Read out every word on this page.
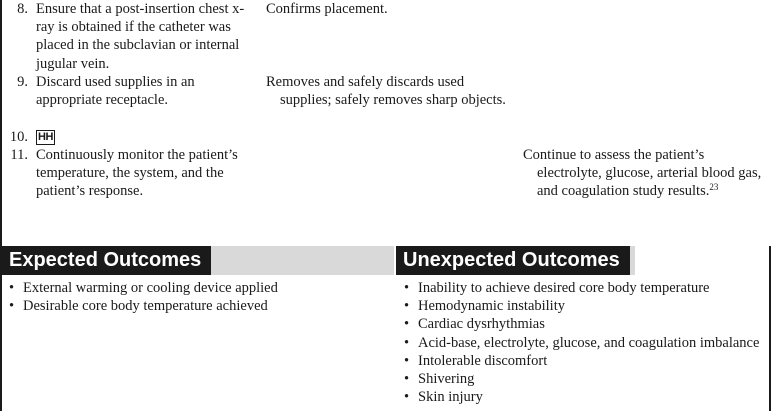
8. Ensure that a post-insertion chest x-ray is obtained if the catheter was placed in the subclavian or internal jugular vein.
Confirms placement.
9. Discard used supplies in an appropriate receptacle.
Removes and safely discards used supplies; safely removes sharp objects.
10. HH
11. Continuously monitor the patient’s temperature, the system, and the patient’s response.
Continue to assess the patient’s electrolyte, glucose, arterial blood gas, and coagulation study results.$^{23}$
Expected Outcomes
• External warming or cooling device applied
• Desirable core body temperature achieved
Unexpected Outcomes
• Inability to achieve desired core body temperature
• Hemodynamic instability
• Cardiac dysrhythmias
• Acid-base, electrolyte, glucose, and coagulation imbalance
• Intolerable discomfort
• Shivering
• Skin injury
